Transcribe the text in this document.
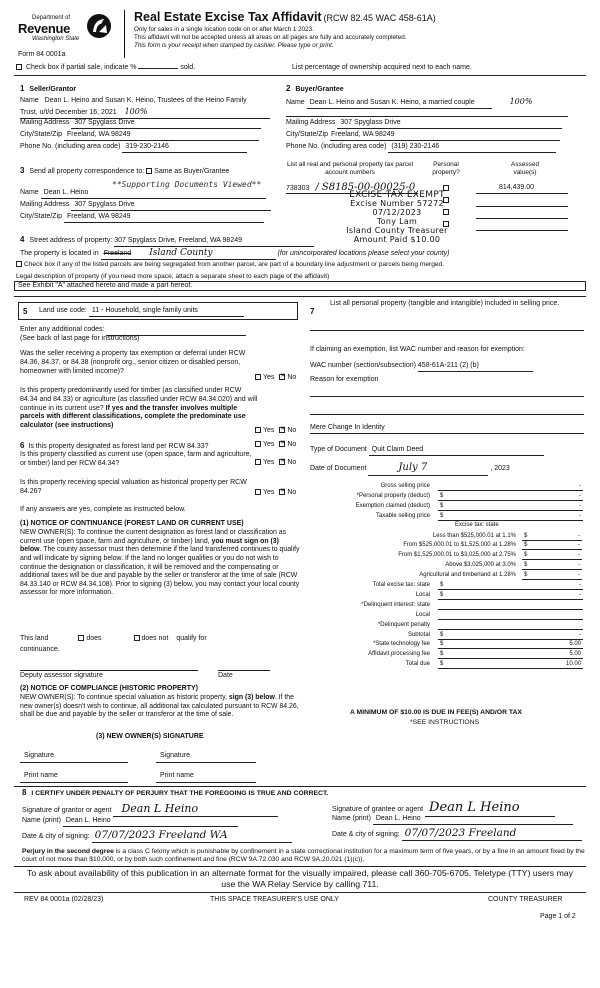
Department of
Revenue
Washington State
Form 84 0001a
Real Estate Excise Tax Affidavit (RCW 82.45 WAC 458-61A)
Only for sales in a single location code on or after March 1 2023.
This affidavit will not be accepted unless all areas on all pages are fully and accurately completed.
This form is your receipt when stamped by cashier. Please type or print.
Check box if partial sale, indicate %	sold.	List percentage of ownership acquired next to each name.
1 Seller/Grantor
Name Dean L. Heino and Susan K. Heino, Trustees of the Heino Family
Trust, u/t/d December 16, 2021 100%
Mailing Address 307 Spyglass Drive
City/State/Zip Freeland, WA 98249
Phone No. (including area code) 319-230-2146
2 Buyer/Grantee
Name Dean L. Heino and Susan K. Heino, a married couple	100%
Mailing Address 307 Spyglass Drive
City/State/Zip Freeland, WA 98249
Phone No. (including area code) (319) 230-2146
3 Send all property correspondence to: Same as Buyer/Grantee
**Supporting Documents Viewed**
Name Dean L. Heino
Mailing Address 307 Spyglass Drive
City/State/Zip Freeland, WA 98249
List all real and personal property tax parcel account numbers
Personal property?
Assessed value(s)
738303 / S8185-00-00025-0	814,439.00
EXCISE TAX EXEMPT
Excise Number 57272
07/12/2023
Tony Lam
Island County Treasurer
Amount Paid $10.00
4 Street address of property: 307 Spyglass Drive, Freeland, WA 98249
The property is located in Freeland Island County	(for unincorporated locations please select your county)
Check box if any of the listed parcels are being segregated from another parcel, are part of a boundary line adjustment or parcels being merged.
Legal description of property (if you need more space, attach a separate sheet to each page of the affidavit)
See Exhibit "A" attached hereto and made a part hereof.
5 Land use code: 11 - Household, single family units
Enter any additional codes:
(See back of last page for instructions)
Was the seller receiving a property tax exemption or deferral under RCW 84.36, 84.37, or 84.38 (nonprofit org., senior citizen or disabled person, homeowner with limited income)?
Yes ✕ No
Is this property predominantly used for timber (as classified under RCW 84.34 and 84.33) or agriculture (as classified under RCW 84.34.020) and will continue in its current use? If yes and the transfer involves multiple parcels with different classifications, complete the predominate use calculator (see instructions)
Yes ✕ No
6 Is this property designated as forest land per RCW 84.33?	Yes ✕ No
Is this property classified as current use (open space, farm and agriculture, or timber) land per RCW 84.34?	Yes ✕ No
Is this property receiving special valuation as historical property per RCW 84.26?	Yes ✕ No
If any answers are yes, complete as instructed below.
(1) NOTICE OF CONTINUANCE (FOREST LAND OR CURRENT USE)
NEW OWNER(S): To continue the current designation as forest land or classification as current use (open space, farm and agriculture, or timber) land, you must sign on (3) below. The county assessor must then determine if the land transferred continues to qualify and will indicate by signing below. If the land no longer qualifies or you do not wish to continue the designation or classification, it will be removed and the compensating or additional taxes will be due and payable by the seller or transferor at the time of sale (RCW 84.33.140 or RCW 84.34.108). Prior to signing (3) below, you may contact your local county assessor for more information.
This land	does	does not qualify for
continuance.
Deputy assessor signature	Date
(2) NOTICE OF COMPLIANCE (HISTORIC PROPERTY)
NEW OWNER(S): To continue special valuation as historic property, sign (3) below. If the new owner(s) doesn't wish to continue, all additional tax calculated pursuant to RCW 84.26, shall be due and payable by the seller or transferor at the time of sale.
(3) NEW OWNER(S) SIGNATURE
Signature	Signature
Print name	Print name
7
List all personal property (tangible and intangible) included in selling price.
If claiming an exemption, list WAC number and reason for exemption:
WAC number (section/subsection) 458-61A-211 (2) (b)
Reason for exemption
Mere Change In Identity
Type of Document Quit Claim Deed
Date of Document	July 7	, 2023
Gross selling price	-
*Personal property (deduct) $	-
Exemption claimed (deduct) $	-
Taxable selling price $	-
Excise tax: state
Less than $525,000.01 at 1.1% $	-
From $525,000.01 to $1,525,000 at 1.28% $	-
From $1,525,000.01 to $3,025,000 at 2.75% $	-
Above $3,025,000 at 3.0% $	-
Agricultural and timberland at 1.28% $	-
Total excise tax: state $	-
Local $	-
*Delinquent interest: state
Local
*Delinquent penalty
Subtotal $	-
*State technology fee $	5.00
Affidavit processing fee $	5.00
Total due $	10.00
A MINIMUM OF $10.00 IS DUE IN FEE(S) AND/OR TAX
*SEE INSTRUCTIONS
8 I CERTIFY UNDER PENALTY OF PERJURY THAT THE FOREGOING IS TRUE AND CORRECT.
Signature of grantor or agent Dean L Heino	Signature of grantee or agent Dean L Heino
Name (print) Dean L. Heino	Name (print) Dean L. Heino
Date & city of signing: 07/07/2023 Freeland WA	Date & city of signing: 07/07/2023 Freeland
Perjury in the second degree is a class C felony which is punishable by confinement in a state correctional institution for a maximum term of five years, or by a fine in an amount fixed by the court of not more than $10,000, or by both such confinement and fine (RCW 9A.72.030 and RCW 9A.20.021 (1)(c)).
To ask about availability of this publication in an alternate format for the visually impaired, please call 360-705-6705. Teletype (TTY) users may use the WA Relay Service by calling 711.
REV 84 0001a (02/28/23)	THIS SPACE TREASURER'S USE ONLY	COUNTY TREASURER
Page 1 of 2
